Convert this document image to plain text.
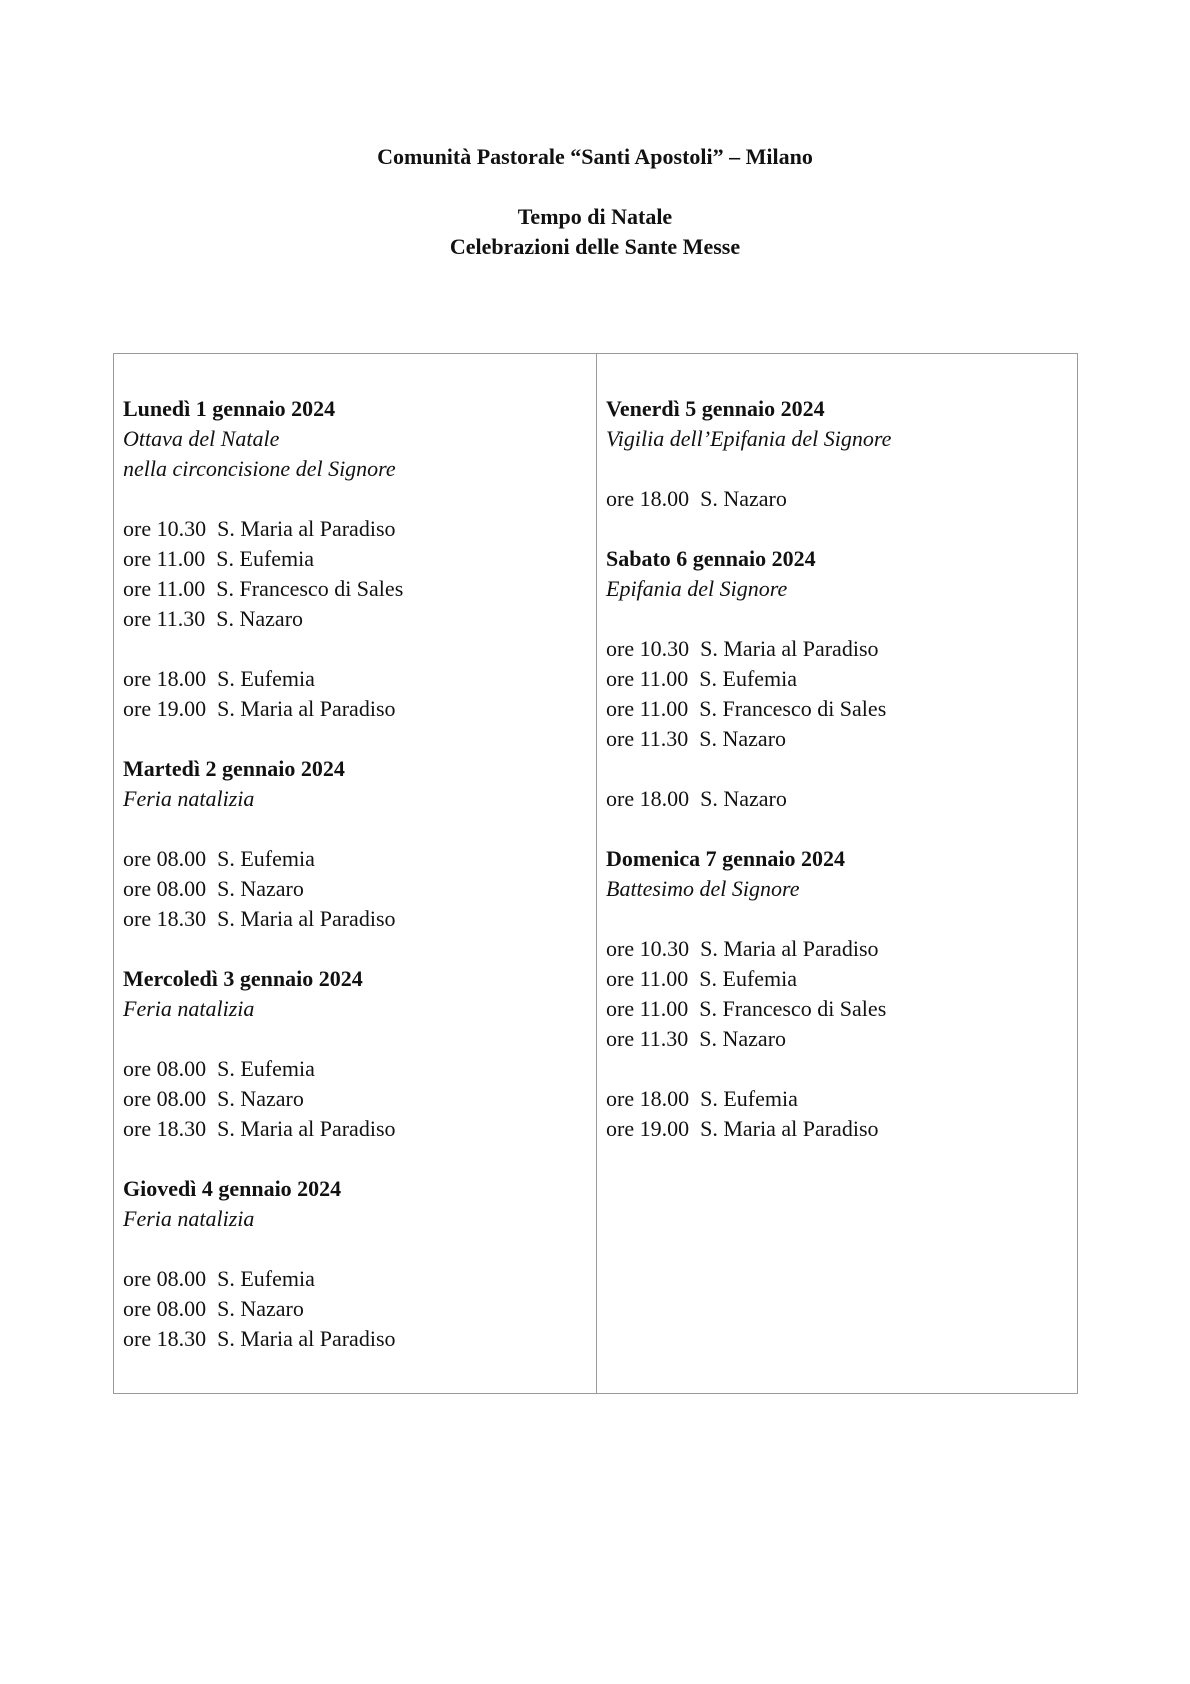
Comunità Pastorale “Santi Apostoli” – Milano
Tempo di Natale
Celebrazioni delle Sante Messe
Lunedì 1 gennaio 2024
Ottava del Natale
nella circoncisione del Signore
ore 10.30 S. Maria al Paradiso
ore 11.00 S. Eufemia
ore 11.00 S. Francesco di Sales
ore 11.30 S. Nazaro
ore 18.00 S. Eufemia
ore 19.00 S. Maria al Paradiso
Martedì 2 gennaio 2024
Feria natalizia
ore 08.00 S. Eufemia
ore 08.00 S. Nazaro
ore 18.30 S. Maria al Paradiso
Mercoledì 3 gennaio 2024
Feria natalizia
ore 08.00 S. Eufemia
ore 08.00 S. Nazaro
ore 18.30 S. Maria al Paradiso
Giovedì 4 gennaio 2024
Feria natalizia
ore 08.00 S. Eufemia
ore 08.00 S. Nazaro
ore 18.30 S. Maria al Paradiso
Venerdì 5 gennaio 2024
Vigilia dell’Epifania del Signore
ore 18.00 S. Nazaro
Sabato 6 gennaio 2024
Epifania del Signore
ore 10.30 S. Maria al Paradiso
ore 11.00 S. Eufemia
ore 11.00 S. Francesco di Sales
ore 11.30 S. Nazaro
ore 18.00 S. Nazaro
Domenica 7 gennaio 2024
Battesimo del Signore
ore 10.30 S. Maria al Paradiso
ore 11.00 S. Eufemia
ore 11.00 S. Francesco di Sales
ore 11.30 S. Nazaro
ore 18.00 S. Eufemia
ore 19.00 S. Maria al Paradiso
